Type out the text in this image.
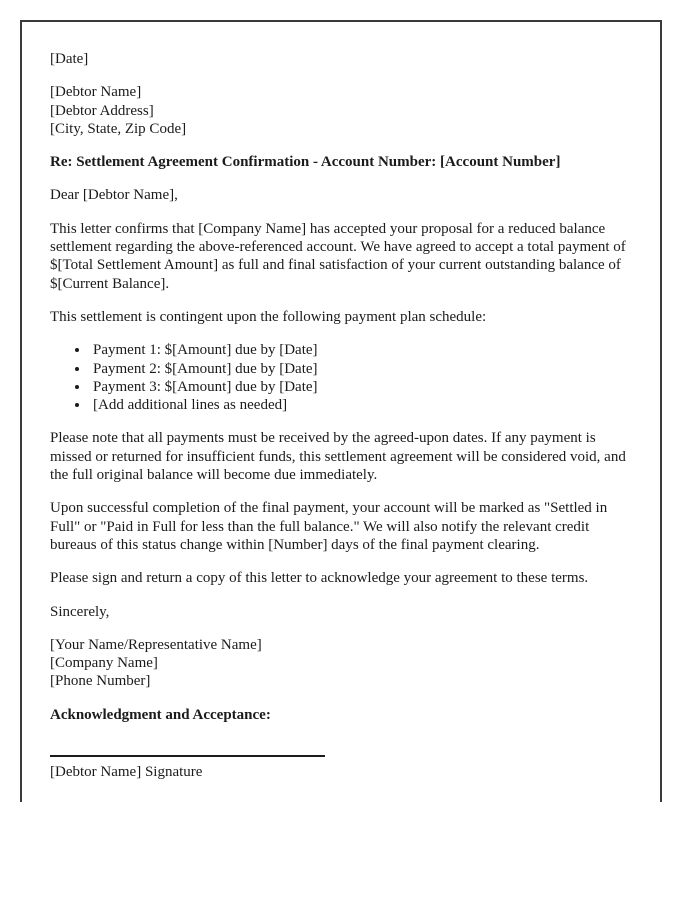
[Date]

[Debtor Name]
[Debtor Address]
[City, State, Zip Code]

Re: Settlement Agreement Confirmation - Account Number: [Account Number]

Dear [Debtor Name],

This letter confirms that [Company Name] has accepted your proposal for a reduced balance settlement regarding the above-referenced account. We have agreed to accept a total payment of $[Total Settlement Amount] as full and final satisfaction of your current outstanding balance of $[Current Balance].

This settlement is contingent upon the following payment plan schedule:

• Payment 1: $[Amount] due by [Date]
• Payment 2: $[Amount] due by [Date]
• Payment 3: $[Amount] due by [Date]
• [Add additional lines as needed]

Please note that all payments must be received by the agreed-upon dates. If any payment is missed or returned for insufficient funds, this settlement agreement will be considered void, and the full original balance will become due immediately.

Upon successful completion of the final payment, your account will be marked as "Settled in Full" or "Paid in Full for less than the full balance." We will also notify the relevant credit bureaus of this status change within [Number] days of the final payment clearing.

Please sign and return a copy of this letter to acknowledge your agreement to these terms.

Sincerely,

[Your Name/Representative Name]
[Company Name]
[Phone Number]

Acknowledgment and Acceptance:

[Debtor Name] Signature
